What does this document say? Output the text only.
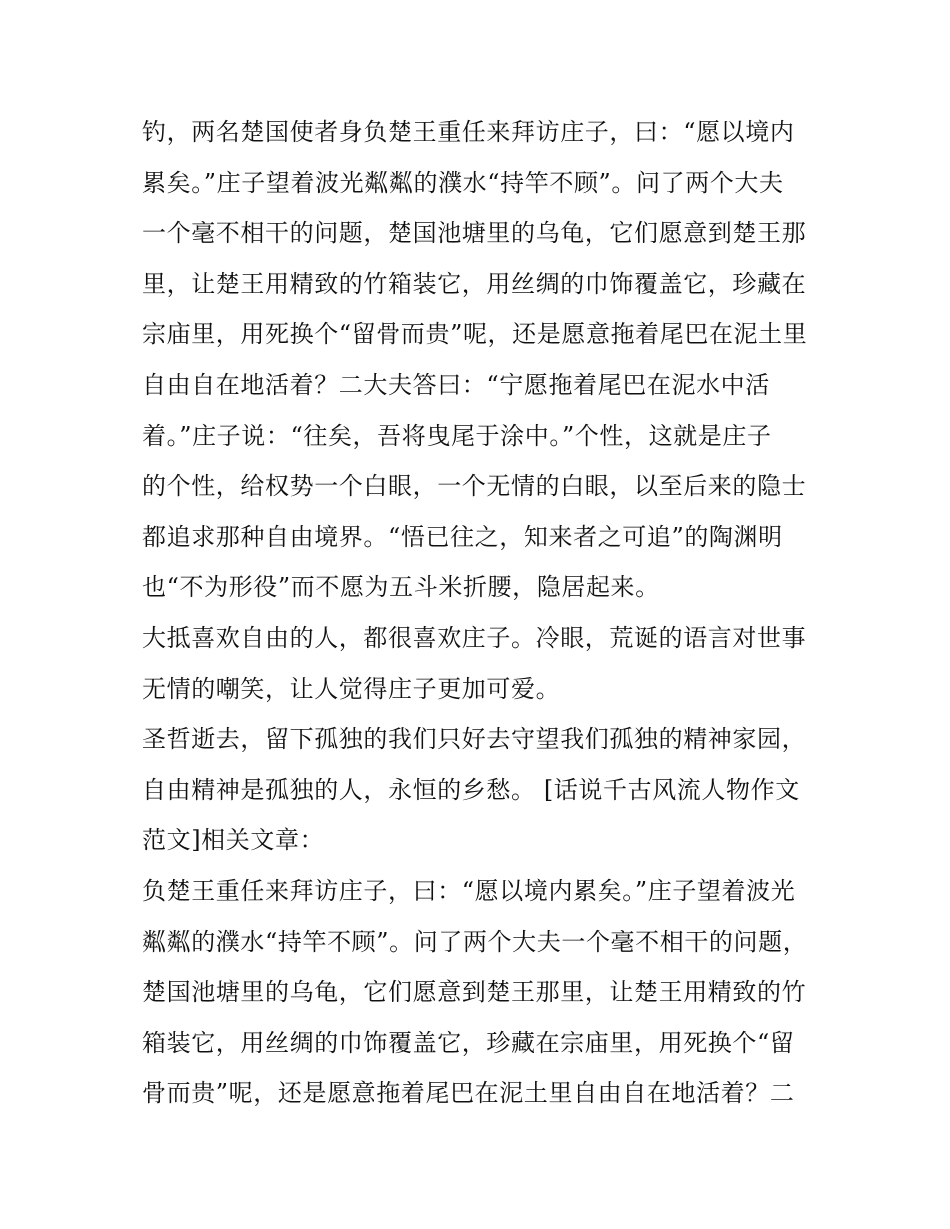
钓，两名楚国使者身负楚王重任来拜访庄子，曰：“愿以境内
累矣。”庄子望着波光粼粼的濮水“持竿不顾”。问了两个大夫
一个毫不相干的问题，楚国池塘里的乌龟，它们愿意到楚王那
里，让楚王用精致的竹箱装它，用丝绸的巾饰覆盖它，珍藏在
宗庙里，用死换个“留骨而贵”呢，还是愿意拖着尾巴在泥土里
自由自在地活着？二大夫答曰：“宁愿拖着尾巴在泥水中活
着。”庄子说：“往矣，吾将曳尾于涂中。”个性，这就是庄子
的个性，给权势一个白眼，一个无情的白眼，以至后来的隐士
都追求那种自由境界。“悟已往之，知来者之可追”的陶渊明
也“不为形役”而不愿为五斗米折腰，隐居起来。
大抵喜欢自由的人，都很喜欢庄子。冷眼，荒诞的语言对世事
无情的嘲笑，让人觉得庄子更加可爱。
圣哲逝去，留下孤独的我们只好去守望我们孤独的精神家园，
自由精神是孤独的人，永恒的乡愁。 [话说千古风流人物作文
范文]相关文章：
负楚王重任来拜访庄子，曰：“愿以境内累矣。”庄子望着波光
粼粼的濮水“持竿不顾”。问了两个大夫一个毫不相干的问题，
楚国池塘里的乌龟，它们愿意到楚王那里，让楚王用精致的竹
箱装它，用丝绸的巾饰覆盖它，珍藏在宗庙里，用死换个“留
骨而贵”呢，还是愿意拖着尾巴在泥土里自由自在地活着？二
